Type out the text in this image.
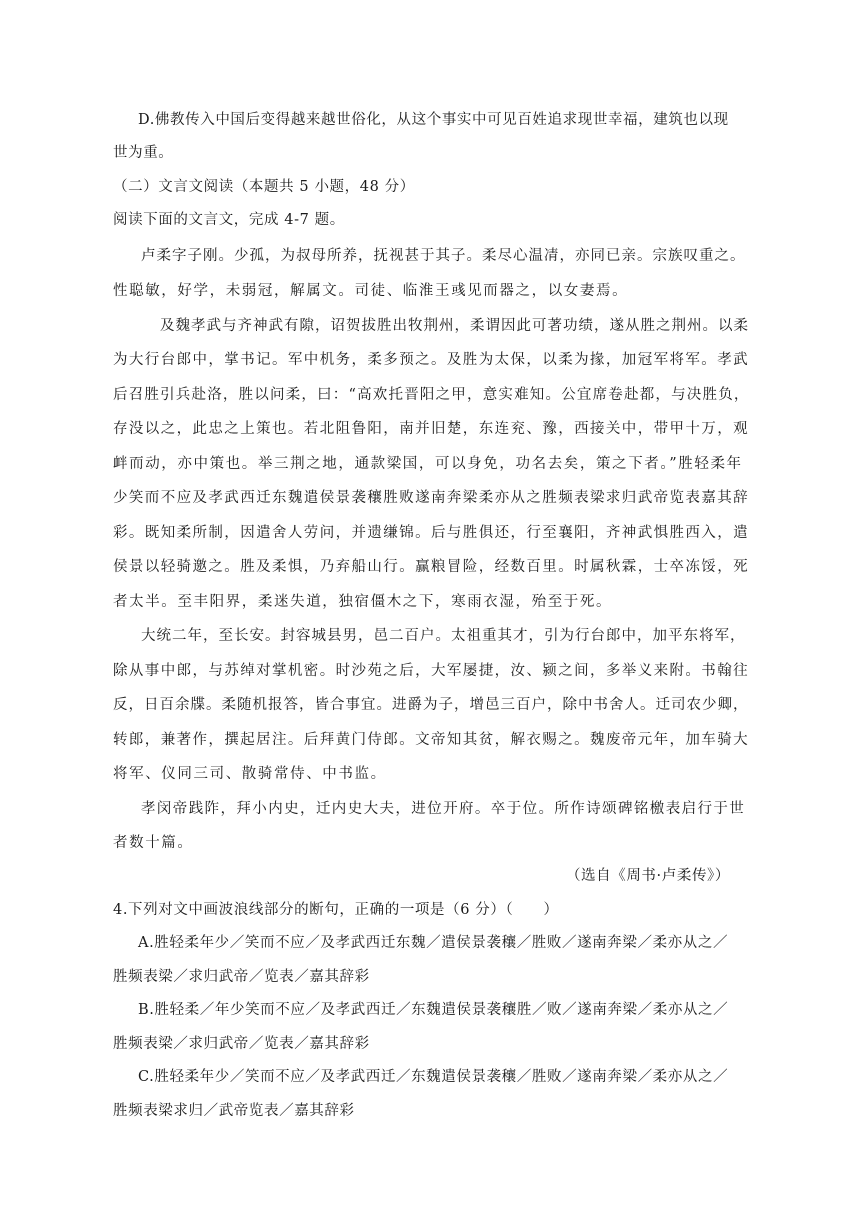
D.佛教传入中国后变得越来越世俗化，从这个事实中可见百姓追求现世幸福，建筑也以现
世为重。
（二）文言文阅读（本题共 5 小题，48 分）
阅读下面的文言文，完成 4-7 题。
卢柔字子刚。少孤，为叔母所养，抚视甚于其子。柔尽心温凊，亦同已亲。宗族叹重之。
性聪敏，好学，未弱冠，解属文。司徒、临淮王彧见而器之，以女妻焉。
及魏孝武与齐神武有隙，诏贺拔胜出牧荆州，柔谓因此可著功绩，遂从胜之荆州。以柔
为大行台郎中，掌书记。军中机务，柔多预之。及胜为太保，以柔为掾，加冠军将军。孝武
后召胜引兵赴洛，胜以问柔，曰：“高欢托晋阳之甲，意实难知。公宜席卷赴都，与决胜负，
存没以之，此忠之上策也。若北阻鲁阳，南并旧楚，东连兖、豫，西接关中，带甲十万，观
衅而动，亦中策也。举三荆之地，通款梁国，可以身免，功名去矣，策之下者。”胜轻柔年
少笑而不应及孝武西迁东魏遣侯景袭穰胜败遂南奔梁柔亦从之胜频表梁求归武帝览表嘉其辞
彩。既知柔所制，因遣舍人劳问，并遗缣锦。后与胜俱还，行至襄阳，齐神武惧胜西入，遣
侯景以轻骑邀之。胜及柔惧，乃弃船山行。赢粮冒险，经数百里。时属秋霖，士卒冻馁，死
者太半。至丰阳界，柔迷失道，独宿僵木之下，寒雨衣湿，殆至于死。
大统二年，至长安。封容城县男，邑二百户。太祖重其才，引为行台郎中，加平东将军，
除从事中郎，与苏绰对掌机密。时沙苑之后，大军屡捷，汝、颍之间，多举义来附。书翰往
反，日百余牒。柔随机报答，皆合事宜。进爵为子，增邑三百户，除中书舍人。迁司农少卿，
转郎，兼著作，撰起居注。后拜黄门侍郎。文帝知其贫，解衣赐之。魏废帝元年，加车骑大
将军、仪同三司、散骑常侍、中书监。
孝闵帝践阼，拜小内史，迁内史大夫，进位开府。卒于位。所作诗颂碑铭檄表启行于世
者数十篇。
（选自《周书·卢柔传》）
4.下列对文中画波浪线部分的断句，正确的一项是（6 分）（　　）
A.胜轻柔年少／笑而不应／及孝武西迁东魏／遣侯景袭穰／胜败／遂南奔梁／柔亦从之／
胜频表梁／求归武帝／览表／嘉其辞彩
B.胜轻柔／年少笑而不应／及孝武西迁／东魏遣侯景袭穰胜／败／遂南奔梁／柔亦从之／
胜频表梁／求归武帝／览表／嘉其辞彩
C.胜轻柔年少／笑而不应／及孝武西迁／东魏遣侯景袭穰／胜败／遂南奔梁／柔亦从之／
胜频表梁求归／武帝览表／嘉其辞彩
